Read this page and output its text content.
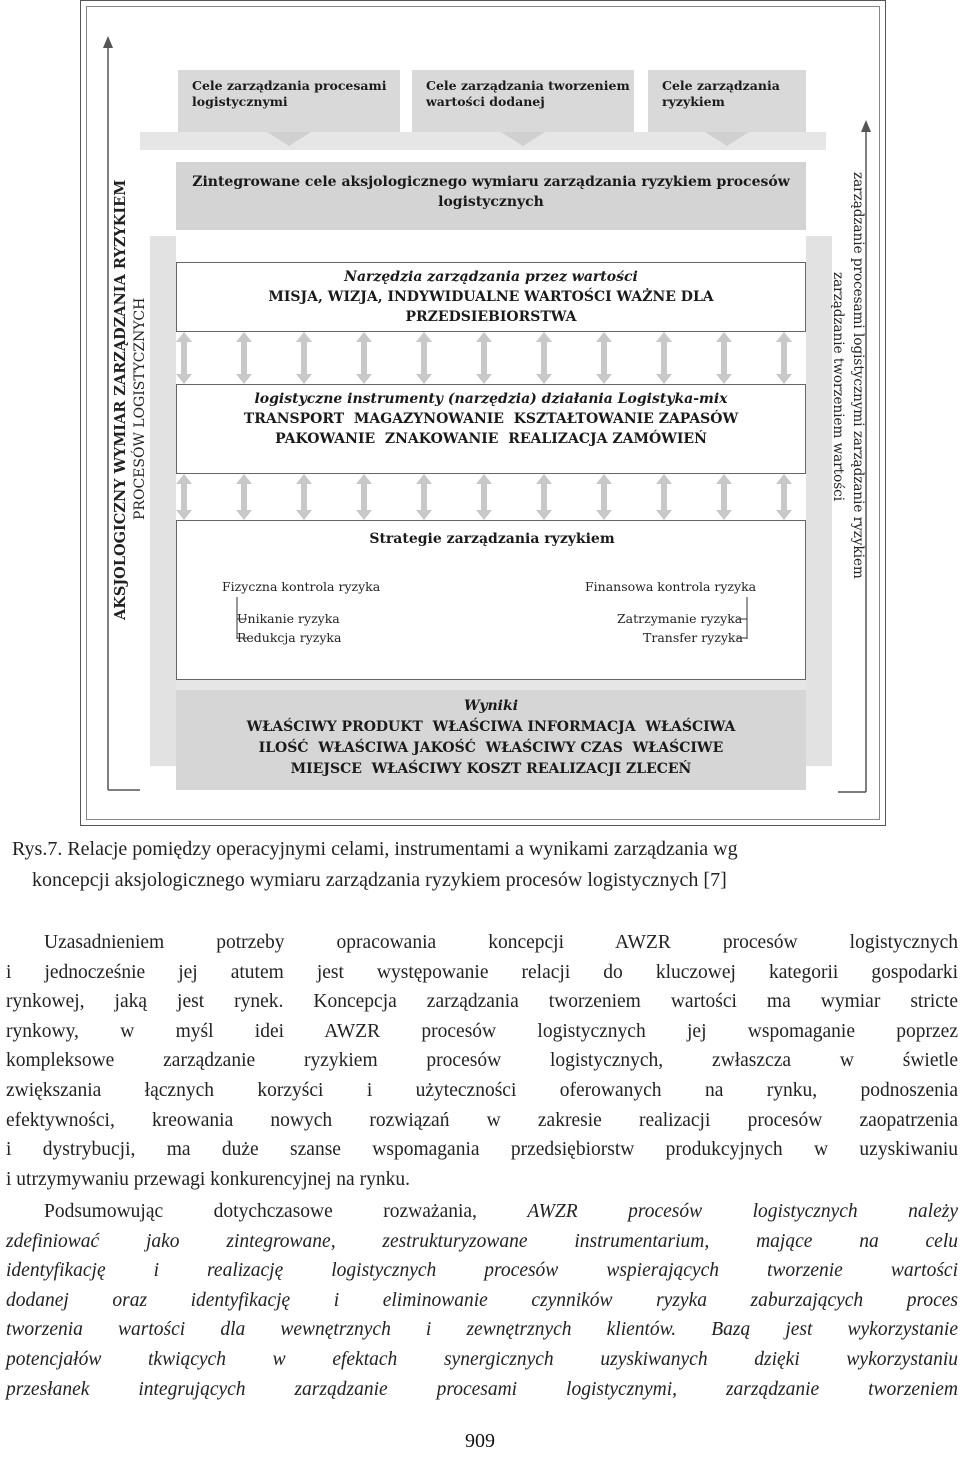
Cele zarządzania procesami logistycznymi
Cele zarządzania tworzeniem wartości dodanej
Cele zarządzania ryzykiem
Zintegrowane cele aksjologicznego wymiaru zarządzania ryzykiem procesów logistycznych
Narzędzia zarządzania przez wartości
MISJA, WIZJA, INDYWIDUALNE WARTOŚCI WAŻNE DLA PRZEDSIEBIORSTWA
logistyczne instrumenty (narzędzia) działania Logistyka-mix
TRANSPORT  MAGAZYNOWANIE  KSZTAŁTOWANIE ZAPASÓW
PAKOWANIE  ZNAKOWANIE  REALIZACJA ZAMÓWIEŃ
Strategie zarządzania ryzykiem
Fizyczna kontrola ryzyka
Unikanie ryzyka
Redukcja ryzyka
Finansowa kontrola ryzyka
Zatrzymanie ryzyka
Transfer ryzyka
Wyniki
WŁAŚCIWY PRODUKT  WŁAŚCIWA INFORMACJA  WŁAŚCIWA
ILOŚĆ  WŁAŚCIWA JAKOŚĆ  WŁAŚCIWY CZAS  WŁAŚCIWE
MIEJSCE  WŁAŚCIWY KOSZT REALIZACJI ZLECEŃ
AKSJOLOGICZNY WYMIAR ZARZĄDZANIA RYZYKIEM PROCESÓW LOGISTYCZNYCH	zarządzanie procesami logistycznymi zarządzanie ryzykiem
zarządzanie tworzeniem wartości
Rys.7. Relacje pomiędzy operacyjnymi celami, instrumentami a wynikami zarządzania wg
koncepcji aksjologicznego wymiaru zarządzania ryzykiem procesów logistycznych [7]
Uzasadnieniem potrzeby opracowania koncepcji AWZR procesów logistycznych
i jednocześnie jej atutem jest występowanie relacji do kluczowej kategorii gospodarki
rynkowej, jaką jest rynek. Koncepcja zarządzania tworzeniem wartości ma wymiar stricte
rynkowy, w myśl idei AWZR procesów logistycznych jej wspomaganie poprzez
kompleksowe zarządzanie ryzykiem procesów logistycznych, zwłaszcza w świetle
zwiększania łącznych korzyści i użyteczności oferowanych na rynku, podnoszenia
efektywności, kreowania nowych rozwiązań w zakresie realizacji procesów zaopatrzenia
i dystrybucji, ma duże szanse wspomagania przedsiębiorstw produkcyjnych w uzyskiwaniu
i utrzymywaniu przewagi konkurencyjnej na rynku.
Podsumowując dotychczasowe rozważania, AWZR procesów logistycznych należy
zdefiniować jako zintegrowane, zestrukturyzowane instrumentarium, mające na celu
identyfikację i realizację logistycznych procesów wspierających tworzenie wartości
dodanej oraz identyfikację i eliminowanie czynników ryzyka zaburzających proces
tworzenia wartości dla wewnętrznych i zewnętrznych klientów. Bazą jest wykorzystanie
potencjałów tkwiących w efektach synergicznych uzyskiwanych dzięki wykorzystaniu
przesłanek integrujących zarządzanie procesami logistycznymi, zarządzanie tworzeniem
909
